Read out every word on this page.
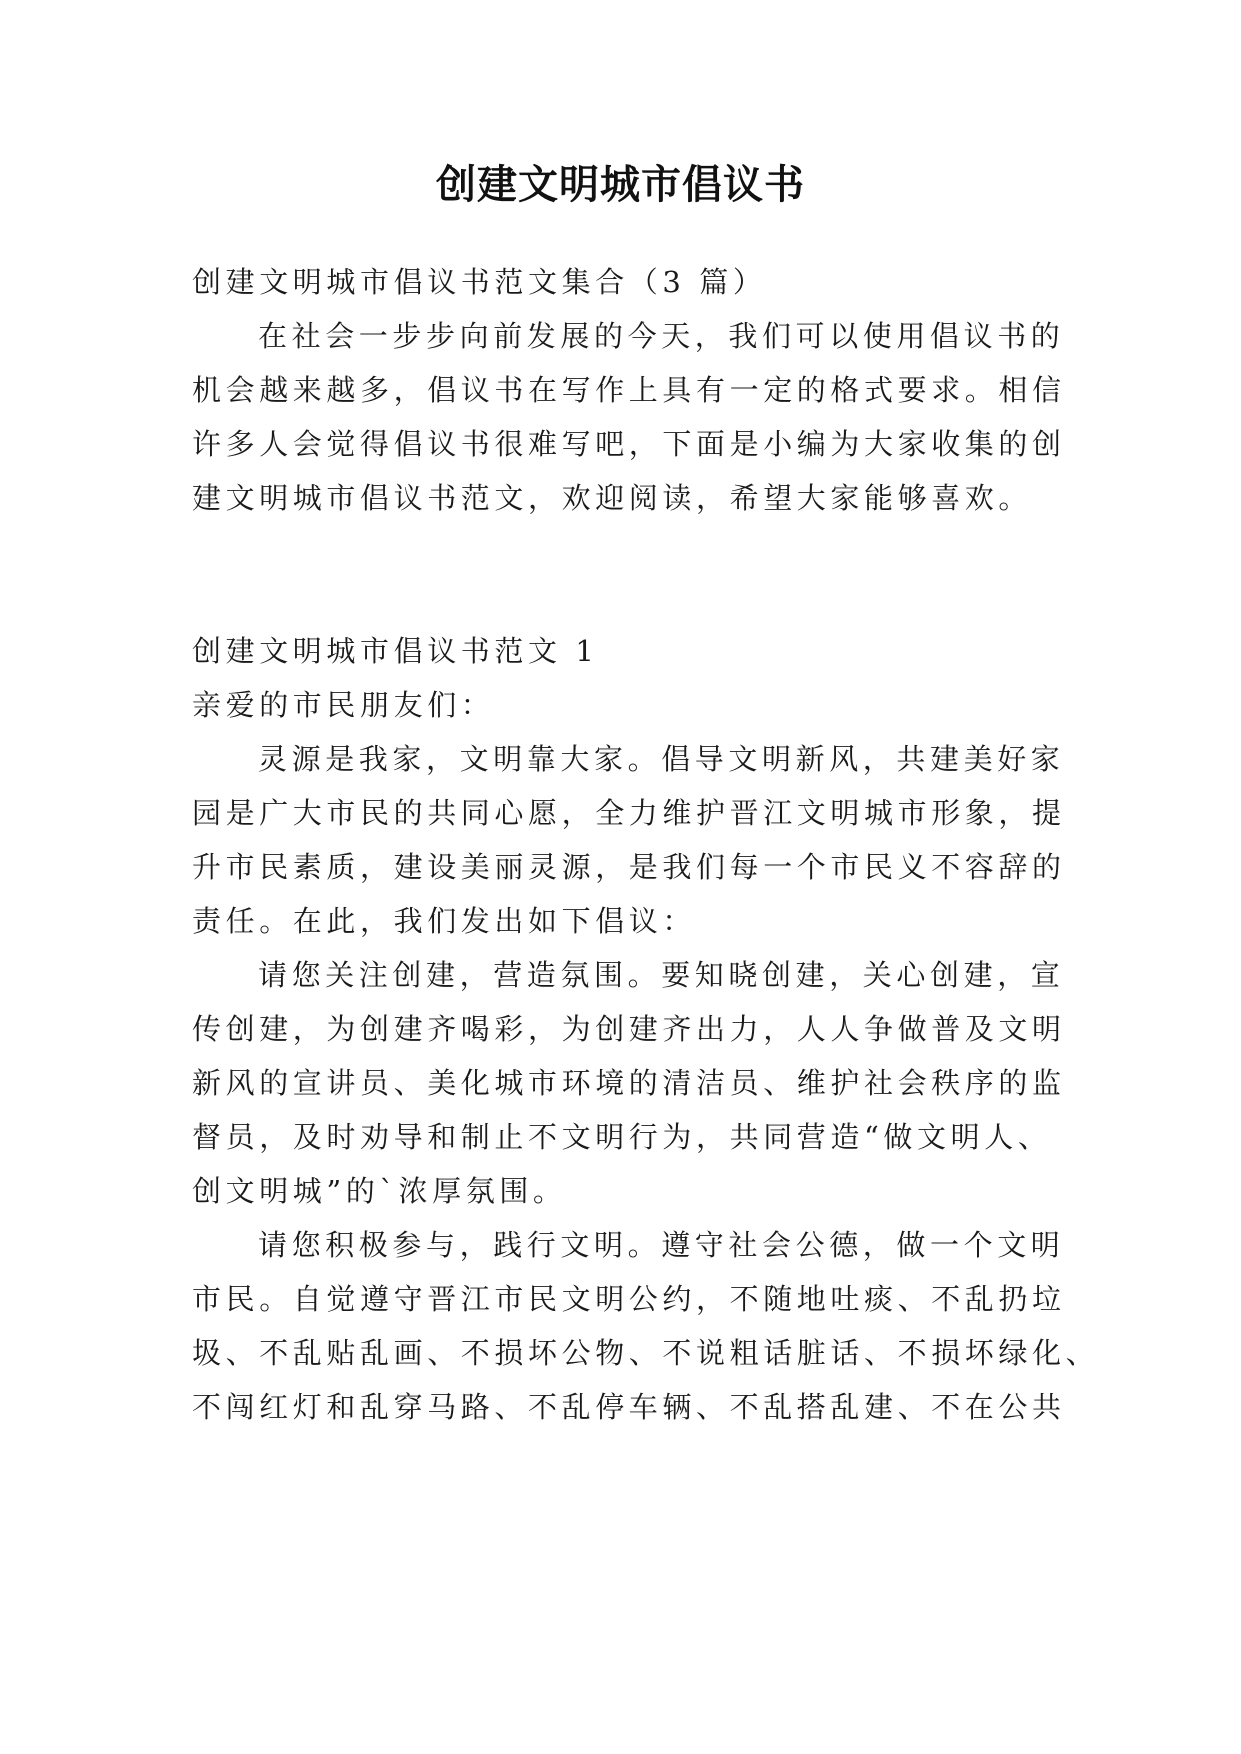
创建文明城市倡议书
创建文明城市倡议书范文集合（3 篇）
在社会一步步向前发展的今天，我们可以使用倡议书的
机会越来越多，倡议书在写作上具有一定的格式要求。相信
许多人会觉得倡议书很难写吧，下面是小编为大家收集的创
建文明城市倡议书范文，欢迎阅读，希望大家能够喜欢。
创建文明城市倡议书范文 1
亲爱的市民朋友们：
灵源是我家，文明靠大家。倡导文明新风，共建美好家
园是广大市民的共同心愿，全力维护晋江文明城市形象，提
升市民素质，建设美丽灵源，是我们每一个市民义不容辞的
责任。在此，我们发出如下倡议：
请您关注创建，营造氛围。要知晓创建，关心创建，宣
传创建，为创建齐喝彩，为创建齐出力，人人争做普及文明
新风的宣讲员、美化城市环境的清洁员、维护社会秩序的监
督员，及时劝导和制止不文明行为，共同营造“做文明人、
创文明城”的`浓厚氛围。
请您积极参与，践行文明。遵守社会公德，做一个文明
市民。自觉遵守晋江市民文明公约，不随地吐痰、不乱扔垃
圾、不乱贴乱画、不损坏公物、不说粗话脏话、不损坏绿化、
不闯红灯和乱穿马路、不乱停车辆、不乱搭乱建、不在公共
